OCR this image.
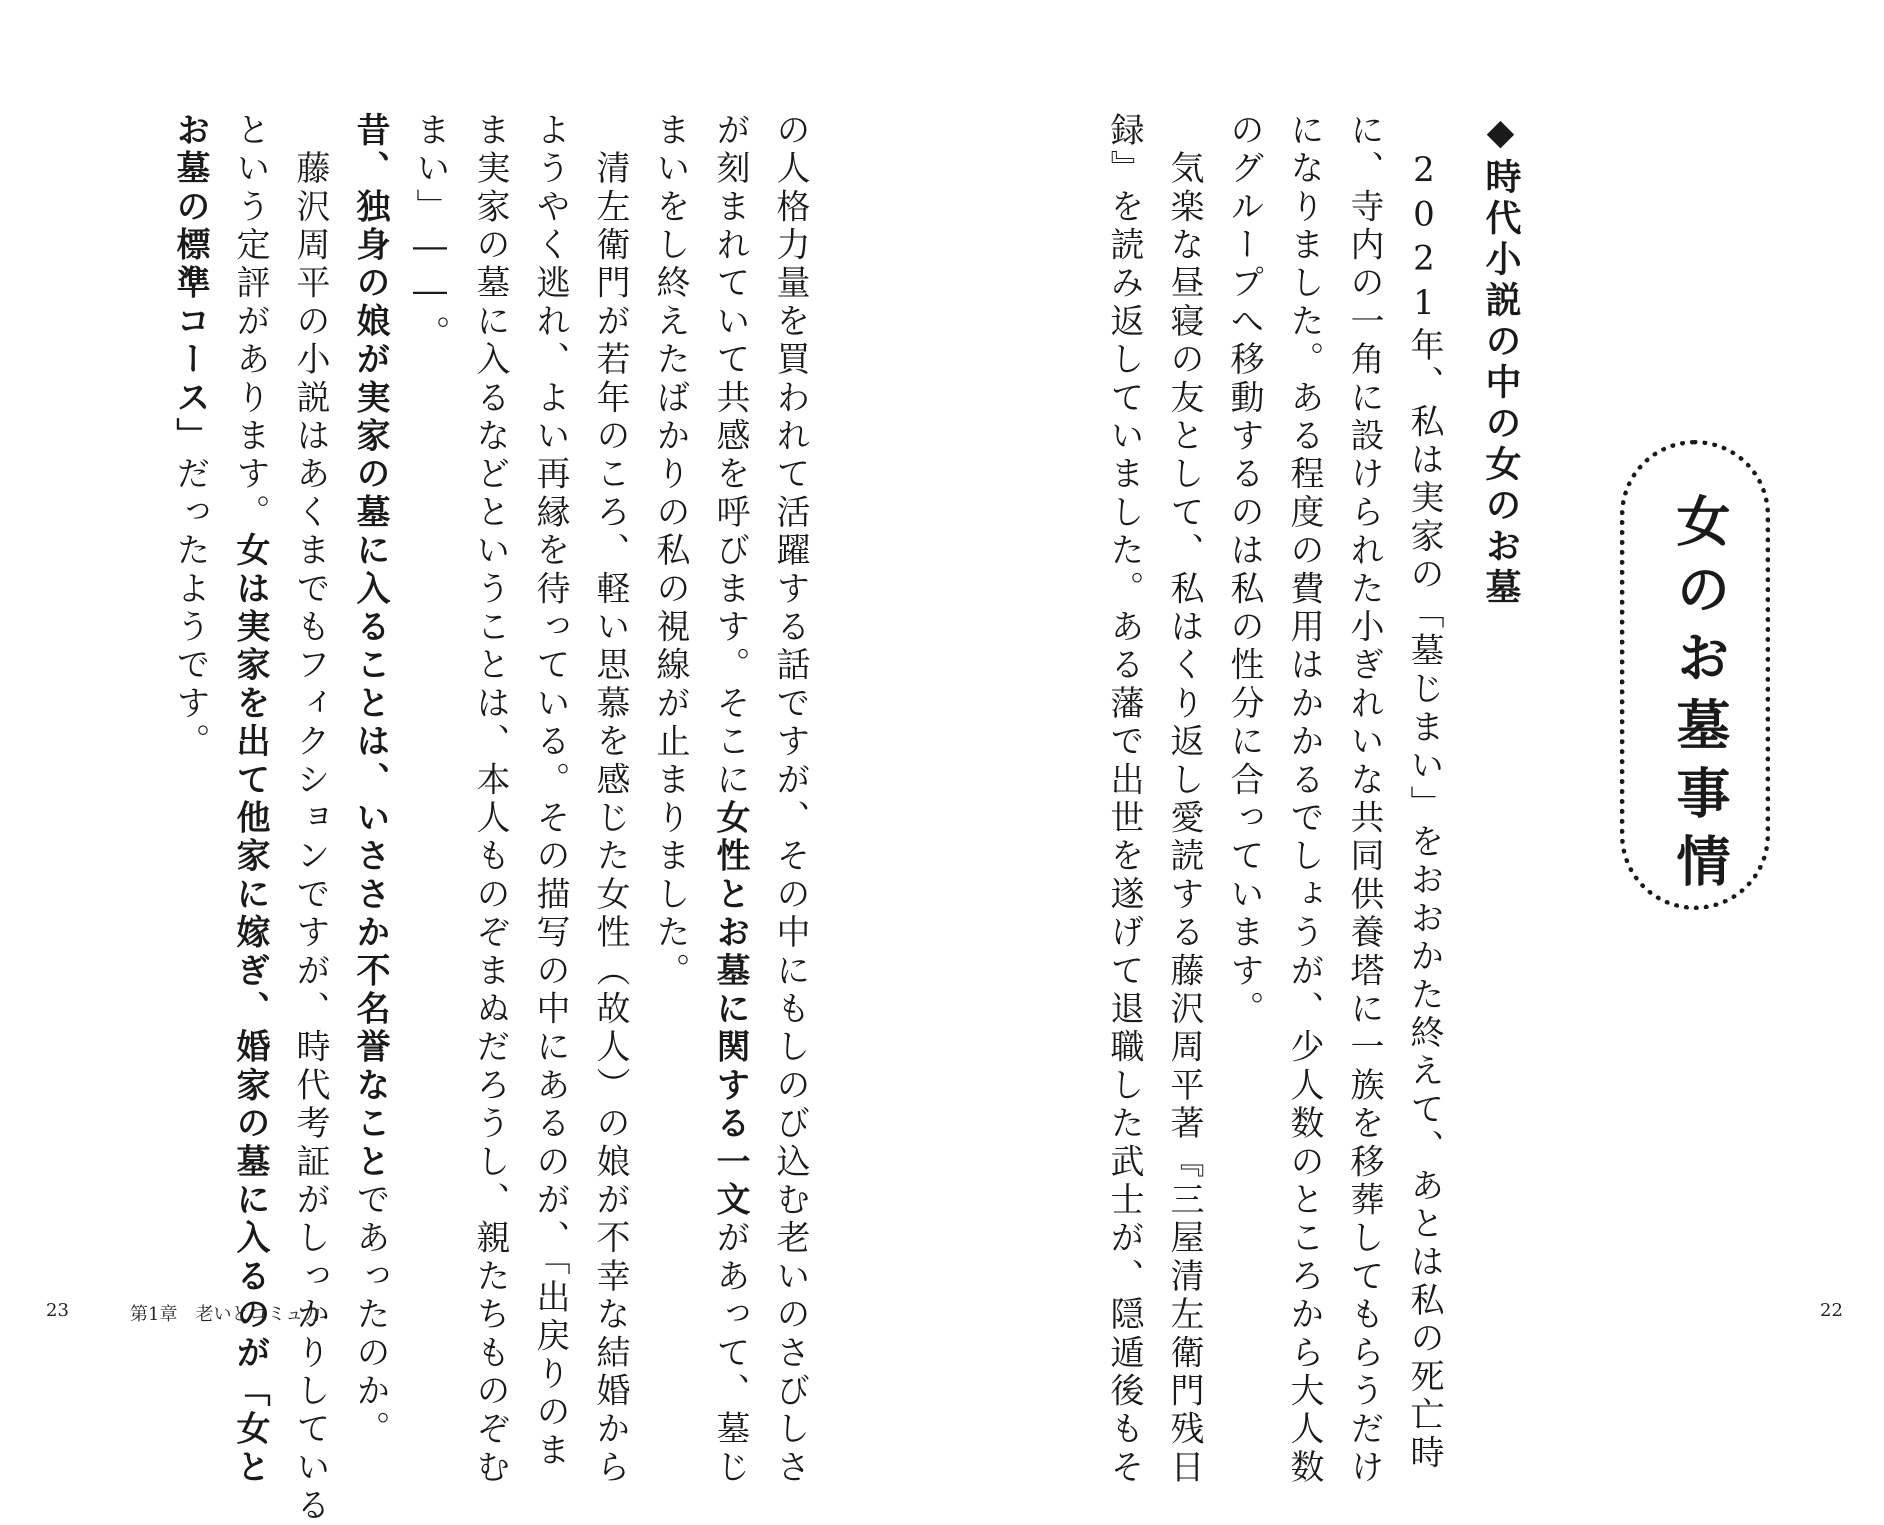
の人格力量を買われて活躍する話ですが、その中にもしのび込む老いのさびしさ
が刻まれていて共感を呼びます。そこに女性とお墓に関する一文があって、墓じ
まいをし終えたばかりの私の視線が止まりました。
　清左衛門が若年のころ、軽い思慕を感じた女性（故人）の娘が不幸な結婚から
ようやく逃れ、よい再縁を待っている。その描写の中にあるのが、「出戻りのま
ま実家の墓に入るなどということは、本人ものぞまぬだろうし、親たちものぞむ
まい」――。
昔、独身の娘が実家の墓に入ることは、いささか不名誉なことであったのか。
　藤沢周平の小説はあくまでもフィクションですが、時代考証がしっかりしている
という定評があります。女は実家を出て他家に嫁ぎ、婚家の墓に入るのが「女と
お墓の標準コース」だったようです。
23	第1章　老いとコミュ力
女のお墓事情
◆時代小説の中の女のお墓
　2021年、私は実家の「墓じまい」をおおかた終えて、あとは私の死亡時
に、寺内の一角に設けられた小ぎれいな共同供養塔に一族を移葬してもらうだけ
になりました。ある程度の費用はかかるでしょうが、少人数のところから大人数
のグループへ移動するのは私の性分に合っています。
　気楽な昼寝の友として、私はくり返し愛読する藤沢周平著『三屋清左衛門残日
録』を読み返していました。ある藩で出世を遂げて退職した武士が、隠遁後もそ	22
